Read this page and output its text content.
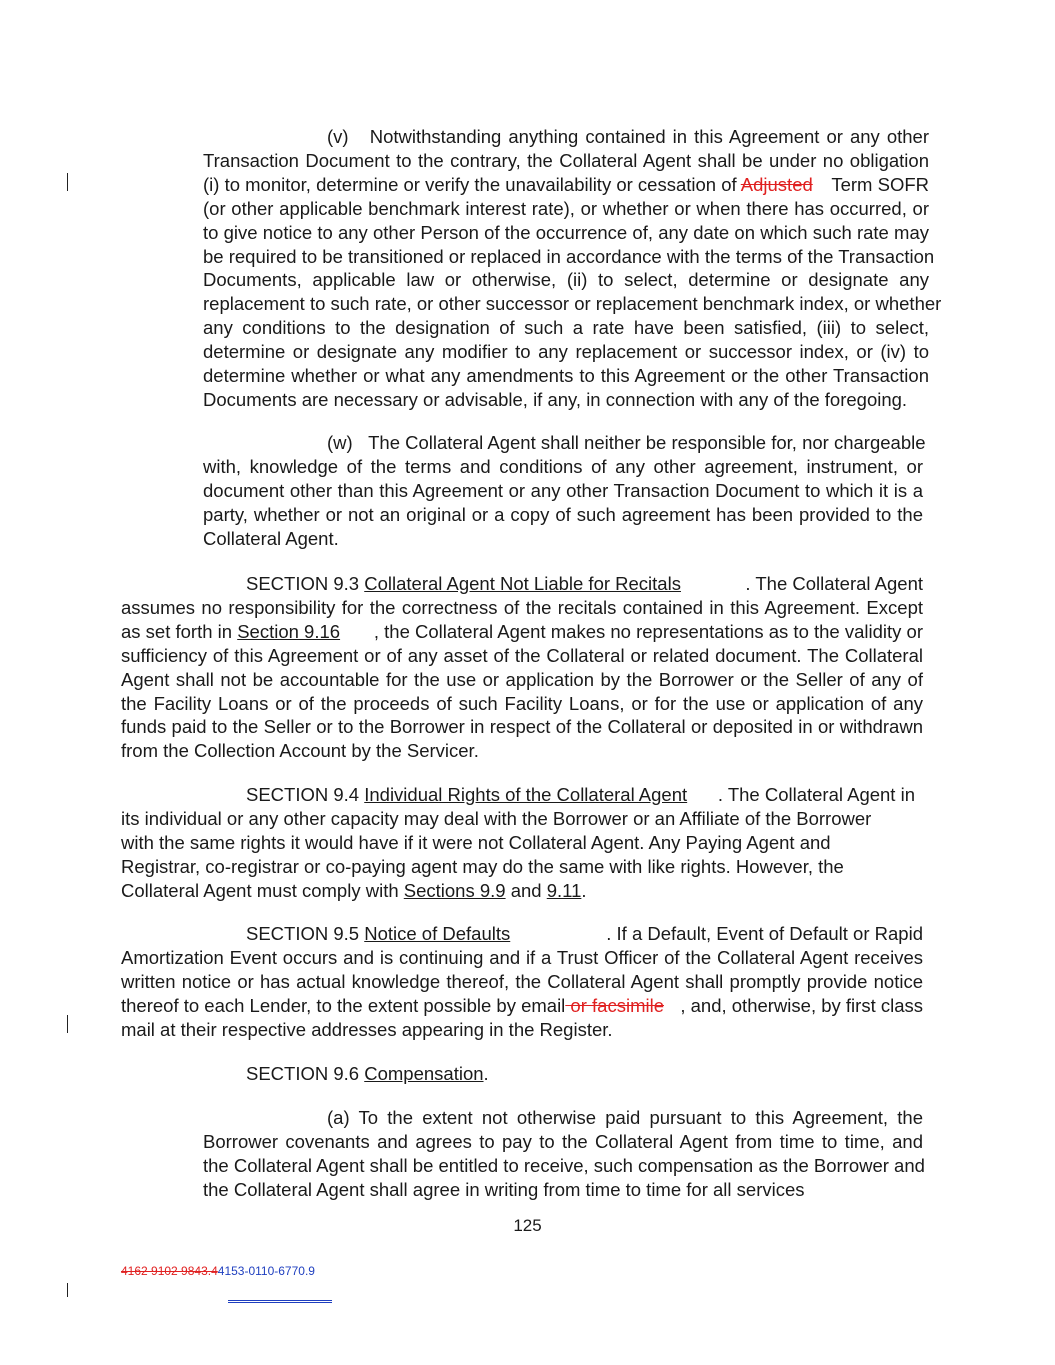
(v)   Notwithstanding anything contained in this Agreement or any other
Transaction Document to the contrary, the Collateral Agent shall be under no obligation
(i) to monitor, determine or verify the unavailability or cessation of Adjusted Term SOFR
(or other applicable benchmark interest rate), or whether or when there has occurred, or
to give notice to any other Person of the occurrence of, any date on which such rate may
be required to be transitioned or replaced in accordance with the terms of the Transaction
Documents, applicable law or otherwise, (ii) to select, determine or designate any
replacement to such rate, or other successor or replacement benchmark index, or whether
any conditions to the designation of such a rate have been satisfied, (iii) to select,
determine or designate any modifier to any replacement or successor index, or (iv) to
determine whether or what any amendments to this Agreement or the other Transaction
Documents are necessary or advisable, if any, in connection with any of the foregoing.
(w)   The Collateral Agent shall neither be responsible for, nor chargeable
with, knowledge of the terms and conditions of any other agreement, instrument, or
document other than this Agreement or any other Transaction Document to which it is a
party, whether or not an original or a copy of such agreement has been provided to the
Collateral Agent.
SECTION 9.3 Collateral Agent Not Liable for Recitals	. The Collateral Agent
assumes no responsibility for the correctness of the recitals contained in this Agreement. Except
as set forth in Section 9.16 , the Collateral Agent makes no representations as to the validity or
sufficiency of this Agreement or of any asset of the Collateral or related document. The Collateral
Agent shall not be accountable for the use or application by the Borrower or the Seller of any of
the Facility Loans or of the proceeds of such Facility Loans, or for the use or application of any
funds paid to the Seller or to the Borrower in respect of the Collateral or deposited in or withdrawn
from the Collection Account by the Servicer.
SECTION 9.4 Individual Rights of the Collateral Agent . The Collateral Agent in
its individual or any other capacity may deal with the Borrower or an Affiliate of the Borrower
with the same rights it would have if it were not Collateral Agent. Any Paying Agent and
Registrar, co-registrar or co-paying agent may do the same with like rights. However, the
Collateral Agent must comply with Sections 9.9 and 9.11.
SECTION 9.5 Notice of Defaults	. If a Default, Event of Default or Rapid
Amortization Event occurs and is continuing and if a Trust Officer of the Collateral Agent receives
written notice or has actual knowledge thereof, the Collateral Agent shall promptly provide notice
thereof to each Lender, to the extent possible by email or facsimile , and, otherwise, by first class
mail at their respective addresses appearing in the Register.
SECTION 9.6 Compensation.
(a) To the extent not otherwise paid pursuant to this Agreement, the
Borrower covenants and agrees to pay to the Collateral Agent from time to time, and
the Collateral Agent shall be entitled to receive, such compensation as the Borrower and
the Collateral Agent shall agree in writing from time to time for all services
125
4162 9102 9843.44153-0110-6770.9
